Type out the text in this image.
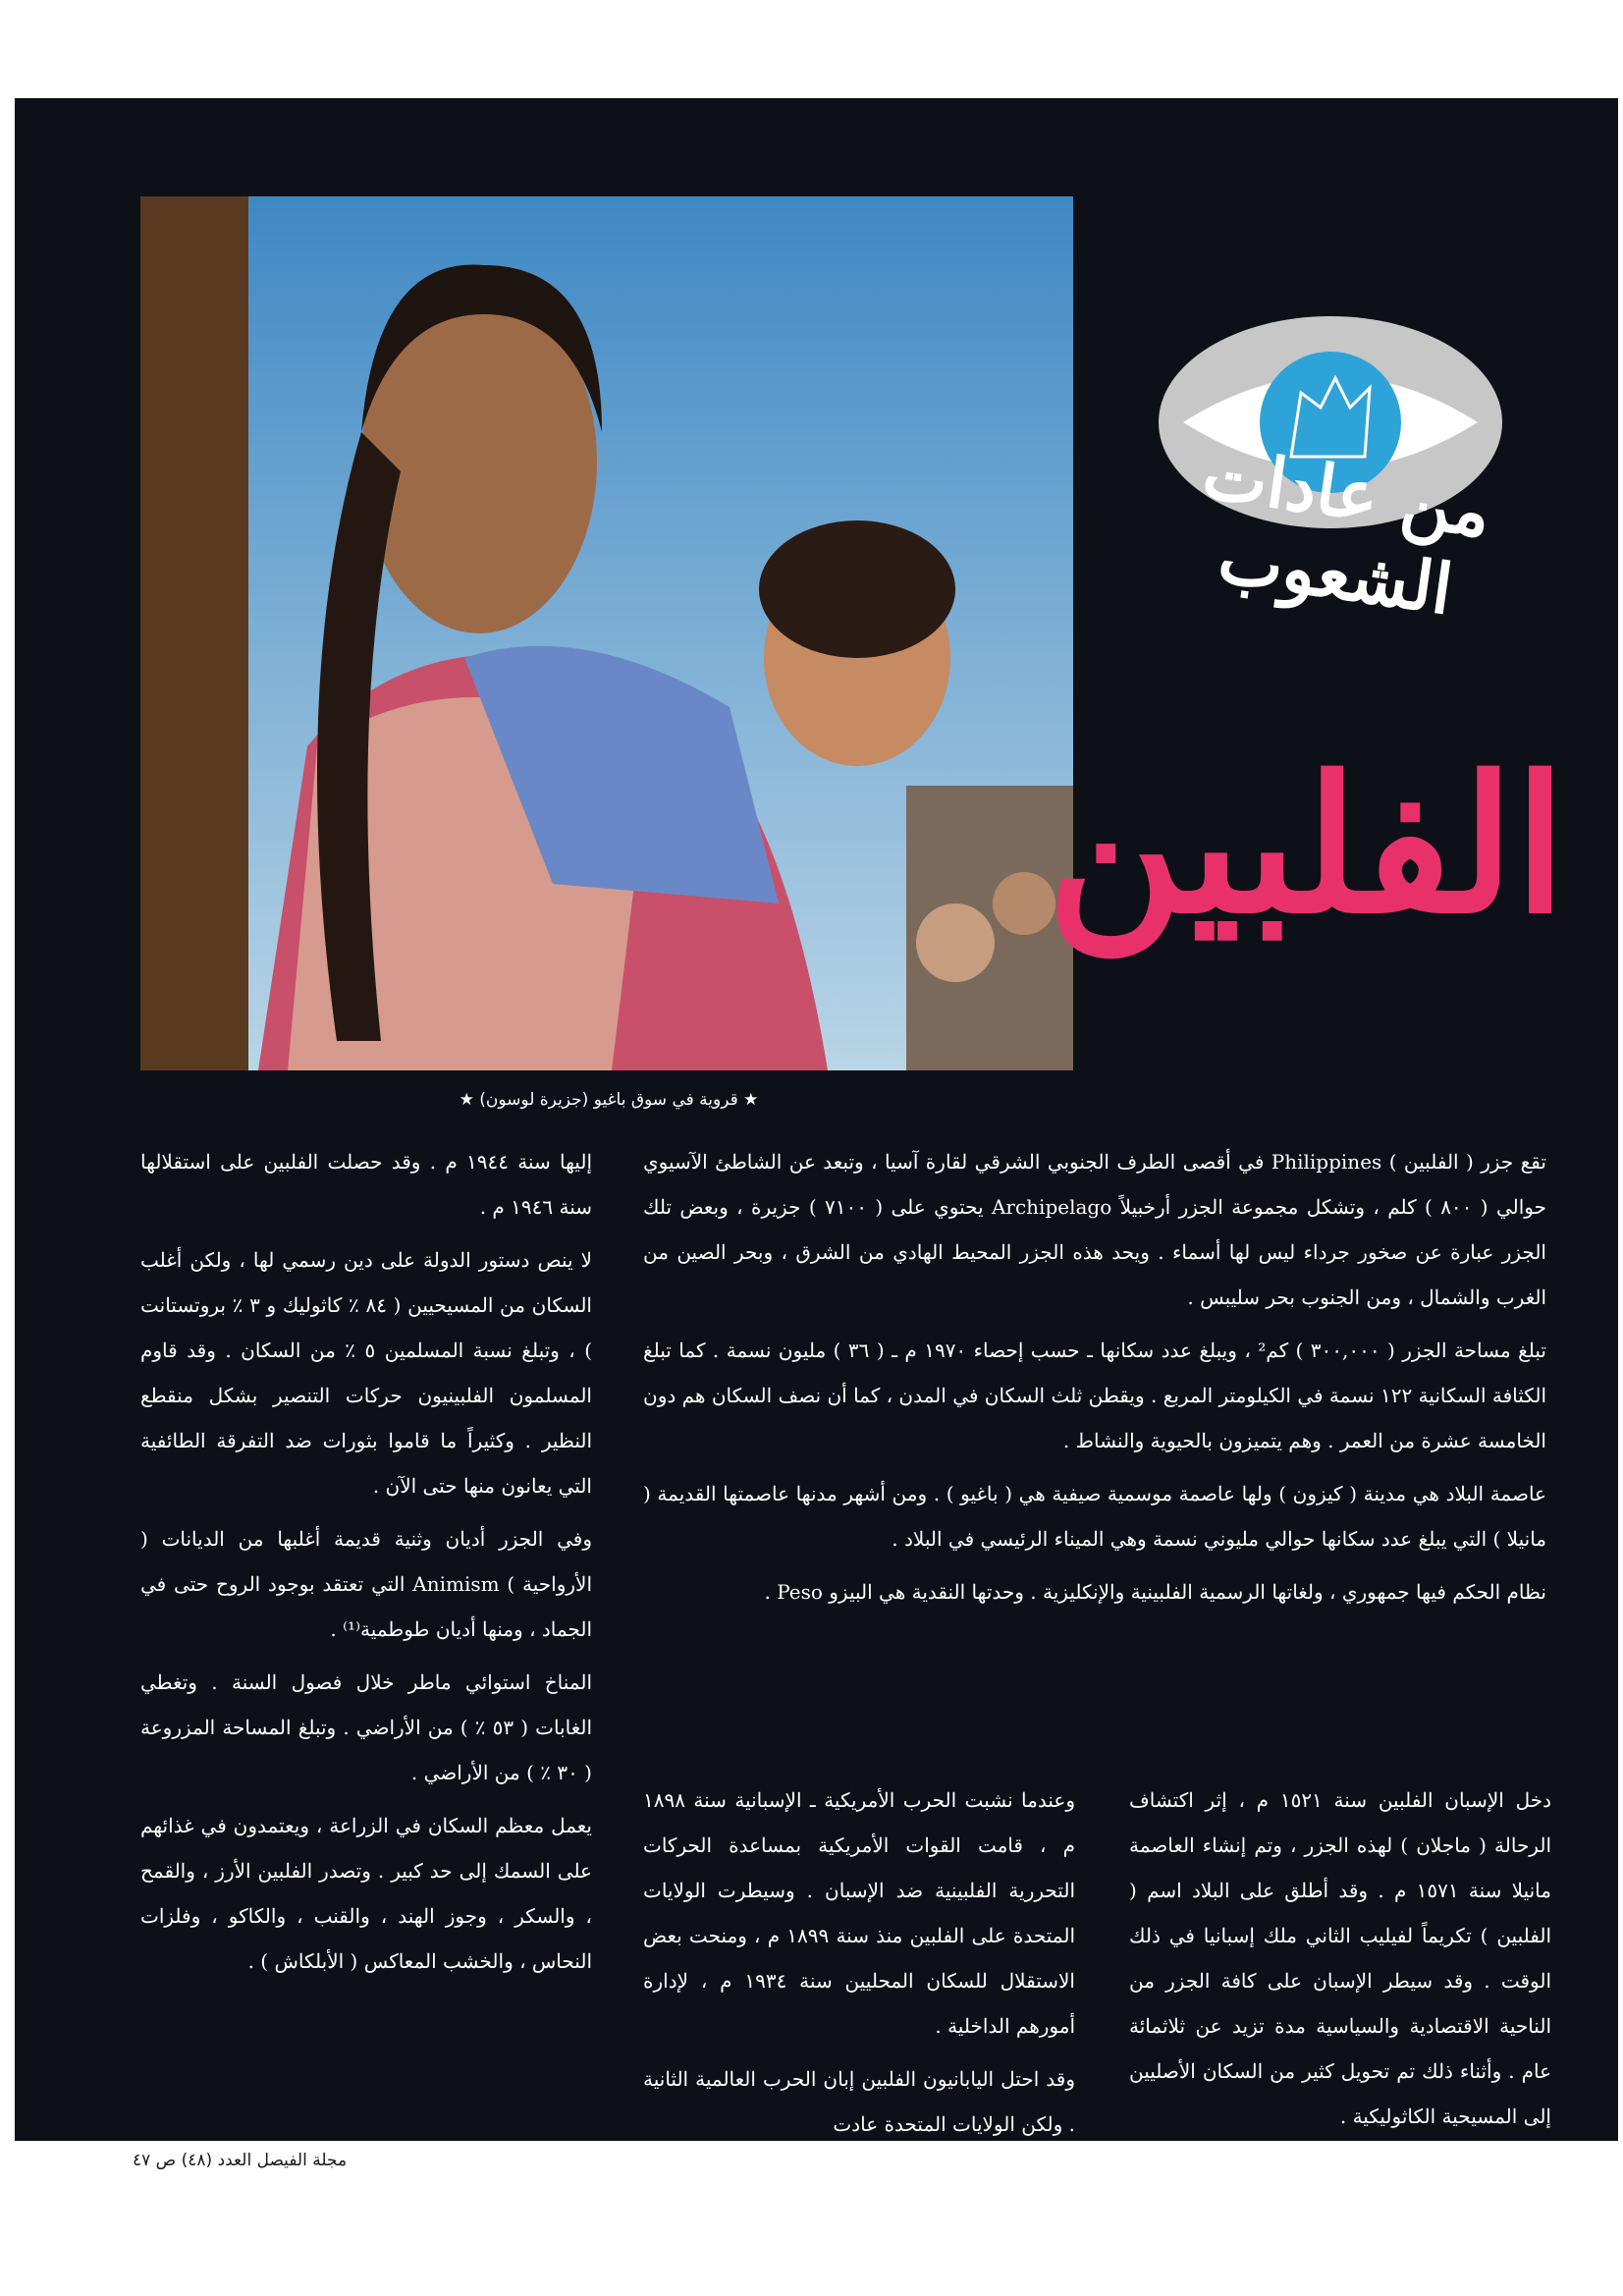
من عادات الشعوب
الفلبين
★ قروية في سوق باغيو (جزيرة لوسون) ★

تقع جزر ( الفلبين ) Philippines في أقصى الطرف الجنوبي الشرقي لقارة آسيا ، وتبعد عن الشاطئ الآسيوي حوالي ( ٨٠٠ ) كلم ، وتشكل مجموعة الجزر أرخبيلاً Archipelago يحتوي على ( ٧١٠٠ ) جزيرة ، وبعض تلك الجزر عبارة عن صخور جرداء ليس لها أسماء . ويحد هذه الجزر المحيط الهادي من الشرق ، وبحر الصين من الغرب والشمال ، ومن الجنوب بحر سليبس .

تبلغ مساحة الجزر ( ٣٠٠,٠٠٠ ) كم² ، ويبلغ عدد سكانها ـ حسب إحصاء ١٩٧٠ م ـ ( ٣٦ ) مليون نسمة . كما تبلغ الكثافة السكانية ١٢٢ نسمة في الكيلومتر المربع . ويقطن ثلث السكان في المدن ، كما أن نصف السكان هم دون الخامسة عشرة من العمر . وهم يتميزون بالحيوية والنشاط .

عاصمة البلاد هي مدينة ( كيزون ) ولها عاصمة موسمية صيفية هي ( باغيو ) . ومن أشهر مدنها عاصمتها القديمة ( مانيلا ) التي يبلغ عدد سكانها حوالي مليوني نسمة وهي الميناء الرئيسي في البلاد .

نظام الحكم فيها جمهوري ، ولغاتها الرسمية الفلبينية والإنكليزية . وحدتها النقدية هي البيزو Peso .

إليها سنة ١٩٤٤ م . وقد حصلت الفلبين على استقلالها سنة ١٩٤٦ م .

لا ينص دستور الدولة على دين رسمي لها ، ولكن أغلب السكان من المسيحيين ( ٨٤ ٪ كاثوليك و ٣ ٪ بروتستانت ) ، وتبلغ نسبة المسلمين ٥ ٪ من السكان . وقد قاوم المسلمون الفلبينيون حركات التنصير بشكل منقطع النظير . وكثيراً ما قاموا بثورات ضد التفرقة الطائفية التي يعانون منها حتى الآن .

وفي الجزر أديان وثنية قديمة أغلبها من الديانات ( الأرواحية ) Animism التي تعتقد بوجود الروح حتى في الجماد ، ومنها أديان طوطمية⁽¹⁾ .

المناخ استوائي ماطر خلال فصول السنة . وتغطي الغابات ( ٥٣ ٪ ) من الأراضي . وتبلغ المساحة المزروعة ( ٣٠ ٪ ) من الأراضي .

يعمل معظم السكان في الزراعة ، ويعتمدون في غذائهم على السمك إلى حد كبير . وتصدر الفلبين الأرز ، والقمح ، والسكر ، وجوز الهند ، والقنب ، والكاكو ، وفلزات النحاس ، والخشب المعاكس ( الأبلكاش ) .

دخل الإسبان الفلبين سنة ١٥٢١ م ، إثر اكتشاف الرحالة ( ماجلان ) لهذه الجزر ، وتم إنشاء العاصمة مانيلا سنة ١٥٧١ م . وقد أطلق على البلاد اسم ( الفلبين ) تكريماً لفيليب الثاني ملك إسبانيا في ذلك الوقت . وقد سيطر الإسبان على كافة الجزر من الناحية الاقتصادية والسياسية مدة تزيد عن ثلاثمائة عام . وأثناء ذلك تم تحويل كثير من السكان الأصليين إلى المسيحية الكاثوليكية .

وعندما نشبت الحرب الأمريكية ـ الإسبانية سنة ١٨٩٨ م ، قامت القوات الأمريكية بمساعدة الحركات التحررية الفلبينية ضد الإسبان . وسيطرت الولايات المتحدة على الفلبين منذ سنة ١٨٩٩ م ، ومنحت بعض الاستقلال للسكان المحليين سنة ١٩٣٤ م ، لإدارة أمورهم الداخلية .

وقد احتل اليابانيون الفلبين إبان الحرب العالمية الثانية . ولكن الولايات المتحدة عادت

مجلة الفيصل العدد (٤٨) ص ٤٧
